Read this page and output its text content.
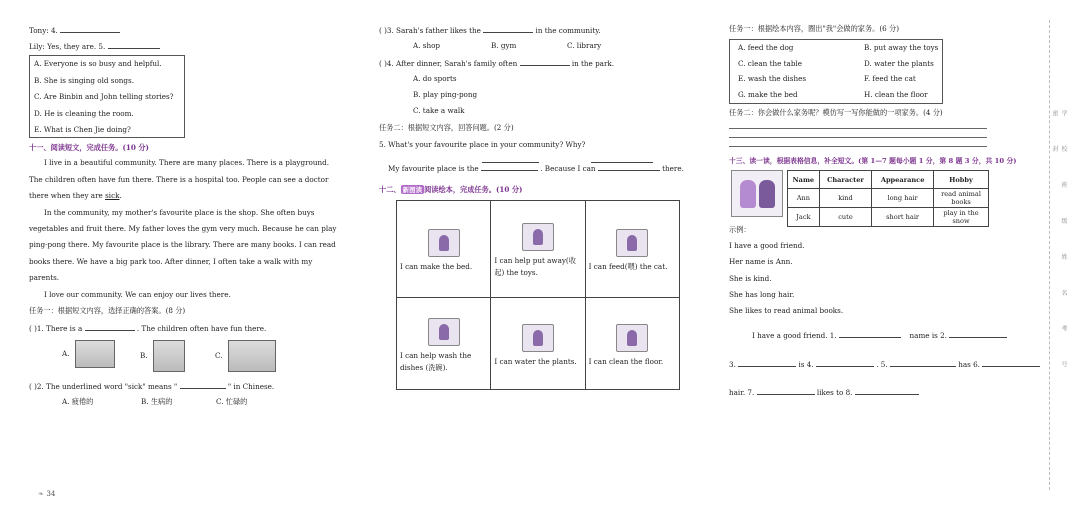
Tony: 4.
Lily: Yes, they are. 5.
A. Everyone is so busy and helpful.
B. She is singing old songs.
C. Are Binbin and John telling stories?
D. He is cleaning the room.
E. What is Chen Jie doing?
十一、阅读短文，完成任务。(10 分)
I live in a beautiful community. There are many places. There is a playground.
The children often have fun there. There is a hospital too. People can see a doctor
there when they are sick.
In the community, my mother's favourite place is the shop. She often buys
vegetables and fruit there. My father loves the gym very much. Because he can play
ping-pong there. My favourite place is the library. There are many books. I can read
books there. We have a big park too. After dinner, I often take a walk with my
parents.
I love our community. We can enjoy our lives there.
任务一：根据短文内容，选择正确的答案。(8 分)
( )1. There is a	. The children often have fun there.
A.	B.	C.
( )2. The underlined word "sick" means "	" in Chinese.
A. 疲倦的	B. 生病的	C. 忙碌的
❧ 34
( )3. Sarah's father likes the	in the community.
A. shop	B. gym	C. library
( )4. After dinner, Sarah's family often	in the park.
A. do sports
B. play ping-pong
C. take a walk
任务二：根据短文内容，回答问题。(2 分)
5. What's your favourite place in your community? Why?

My favourite place is the	. Because I can	there.
十二、 新图读 阅读绘本，完成任务。(10 分)
I can make the bed.	I can help put away(收起) the toys.	I can feed(喂) the cat.

I can help wash the dishes (洗碗).	I can water the plants.	I can clean the floor.
任务一：根据绘本内容，圈出"我"会做的家务。(6 分)
A. feed the dog
C. clean the table
E. wash the dishes
G. make the bed
B. put away the toys
D. water the plants
F. feed the cat
H. clean the floor
任务二：你会做什么家务呢？模仿写一写你能做的一项家务。(4 分)
十三、读一读，根据表格信息，补全短文。(第 1—7 题每小题 1 分，第 8 题 3 分，共 10 分)
Name	Character	Appearance	Hobby
Ann	kind	long hair	read animal books
Jack	cute	short hair	play in the snow
示例：
I have a good friend.
Her name is Ann.
She is kind.
She has long hair.
She likes to read animal books.
I have a good friend. 1.	name is 2.
3.	is 4.	. 5.	has 6.
hair. 7.	likes to 8.
学 校 班 级 姓 名 考 号 密 封
